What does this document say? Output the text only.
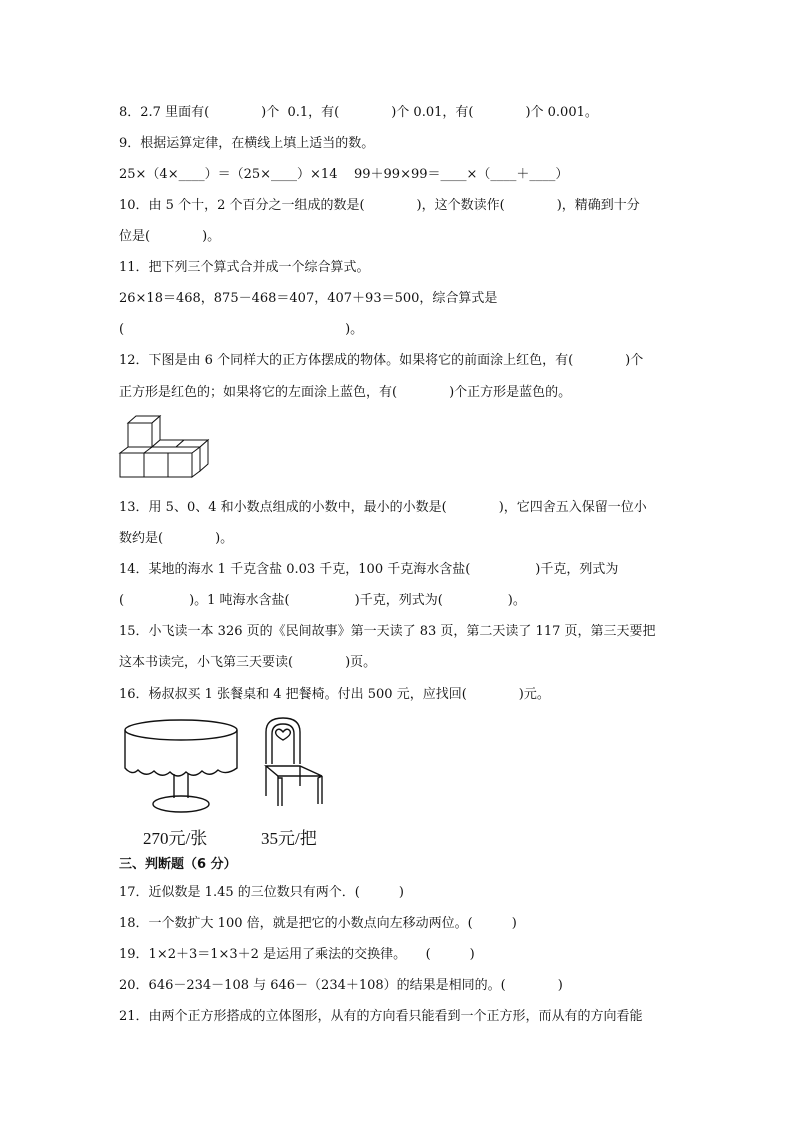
8．2.7 里面有(　　　　)个  0.1，有(　　　　)个 0.01，有(　　　　)个 0.001。
9．根据运算定律，在横线上填上适当的数。
25×（4×____）＝（25×____）×14    99＋99×99＝____×（____＋____）
10．由 5 个十，2 个百分之一组成的数是(　　　　)，这个数读作(　　　　)，精确到十分
位是(　　　　)。
11．把下列三个算式合并成一个综合算式。
26×18＝468，875－468＝407，407＋93＝500，综合算式是
(　　　　　　　　　　　　　　　　　)。
12．下图是由 6 个同样大的正方体摆成的物体。如果将它的前面涂上红色，有(　　　　)个
正方形是红色的；如果将它的左面涂上蓝色，有(　　　　)个正方形是蓝色的。
13．用 5、0、4 和小数点组成的小数中，最小的小数是(　　　　)，它四舍五入保留一位小
数约是(　　　　)。
14．某地的海水 1 千克含盐 0.03 千克，100 千克海水含盐(　　　　　)千克，列式为
(　　　　　)。1 吨海水含盐(　　　　　)千克，列式为(　　　　　)。
15．小飞读一本 326 页的《民间故事》第一天读了 83 页，第二天读了 117 页，第三天要把
这本书读完，小飞第三天要读(　　　　)页。
16．杨叔叔买 1 张餐桌和 4 把餐椅。付出 500 元，应找回(　　　　)元。
270元/张	35元/把
三、判断题（6 分）
17．近似数是 1.45 的三位数只有两个．(　　　)
18．一个数扩大 100 倍，就是把它的小数点向左移动两位。(　　　)
19．1×2＋3＝1×3＋2 是运用了乘法的交换律。　　(　　　)
20．646－234－108 与 646－（234＋108）的结果是相同的。(　　　　)
21．由两个正方形搭成的立体图形，从有的方向看只能看到一个正方形，而从有的方向看能
